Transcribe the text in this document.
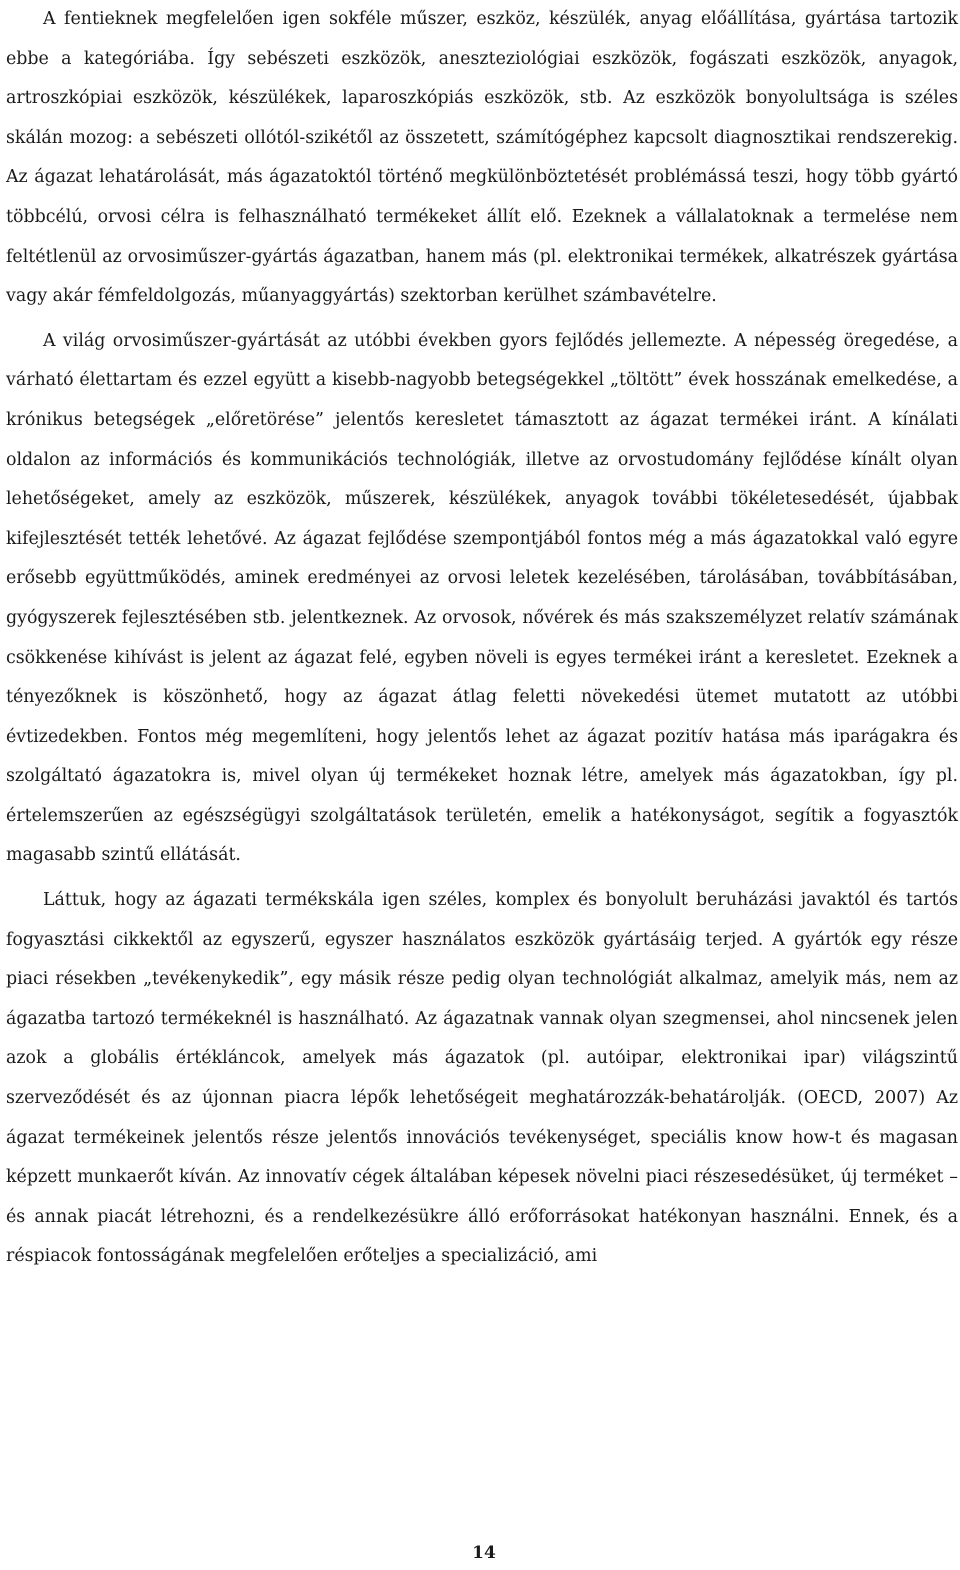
A fentieknek megfelelően igen sokféle műszer, eszköz, készülék, anyag előállítása, gyártása tartozik ebbe a kategóriába. Így sebészeti eszközök, aneszteziológiai eszközök, fogászati eszközök, anyagok, artroszkópiai eszközök, készülékek, laparoszkópiás eszközök, stb. Az eszközök bonyolultsága is széles skálán mozog: a sebészeti ollótól-szikétől az összetett, számítógéphez kapcsolt diagnosztikai rendszerekig. Az ágazat lehatárolását, más ágazatoktól történő megkülönböztetését problémássá teszi, hogy több gyártó többcélú, orvosi célra is felhasználható termékeket állít elő. Ezeknek a vállalatoknak a termelése nem feltétlenül az orvosiműszer-gyártás ágazatban, hanem más (pl. elektronikai termékek, alkatrészek gyártása vagy akár fémfeldolgozás, műanyaggyártás) szektorban kerülhet számbavételre.

A világ orvosiműszer-gyártását az utóbbi években gyors fejlődés jellemezte. A népesség öregedése, a várható élettartam és ezzel együtt a kisebb-nagyobb betegségekkel „töltött” évek hosszának emelkedése, a krónikus betegségek „előretörése” jelentős keresletet támasztott az ágazat termékei iránt. A kínálati oldalon az információs és kommunikációs technológiák, illetve az orvostudomány fejlődése kínált olyan lehetőségeket, amely az eszközök, műszerek, készülékek, anyagok további tökéletesedését, újabbak kifejlesztését tették lehetővé. Az ágazat fejlődése szempontjából fontos még a más ágazatokkal való egyre erősebb együttműködés, aminek eredményei az orvosi leletek kezelésében, tárolásában, továbbításában, gyógyszerek fejlesztésében stb. jelentkeznek. Az orvosok, nővérek és más szakszemélyzet relatív számának csökkenése kihívást is jelent az ágazat felé, egyben növeli is egyes termékei iránt a keresletet. Ezeknek a tényezőknek is köszönhető, hogy az ágazat átlag feletti növekedési ütemet mutatott az utóbbi évtizedekben. Fontos még megemlíteni, hogy jelentős lehet az ágazat pozitív hatása más iparágakra és szolgáltató ágazatokra is, mivel olyan új termékeket hoznak létre, amelyek más ágazatokban, így pl. értelemszerűen az egészségügyi szolgáltatások területén, emelik a hatékonyságot, segítik a fogyasztók magasabb szintű ellátását.

Láttuk, hogy az ágazati termékskála igen széles, komplex és bonyolult beruházási javaktól és tartós fogyasztási cikkektől az egyszerű, egyszer használatos eszközök gyártásáig terjed. A gyártók egy része piaci résekben „tevékenykedik”, egy másik része pedig olyan technológiát alkalmaz, amelyik más, nem az ágazatba tartozó termékeknél is használható. Az ágazatnak vannak olyan szegmensei, ahol nincsenek jelen azok a globális értékláncok, amelyek más ágazatok (pl. autóipar, elektronikai ipar) világszintű szerveződését és az újonnan piacra lépők lehetőségeit meghatározzák-behatárolják. (OECD, 2007) Az ágazat termékeinek jelentős része jelentős innovációs tevékenységet, speciális know how-t és magasan képzett munkaerőt kíván. Az innovatív cégek általában képesek növelni piaci részesedésüket, új terméket – és annak piacát létrehozni, és a rendelkezésükre álló erőforrásokat hatékonyan használni. Ennek, és a réspiacok fontosságának megfelelően erőteljes a specializáció, ami

14
